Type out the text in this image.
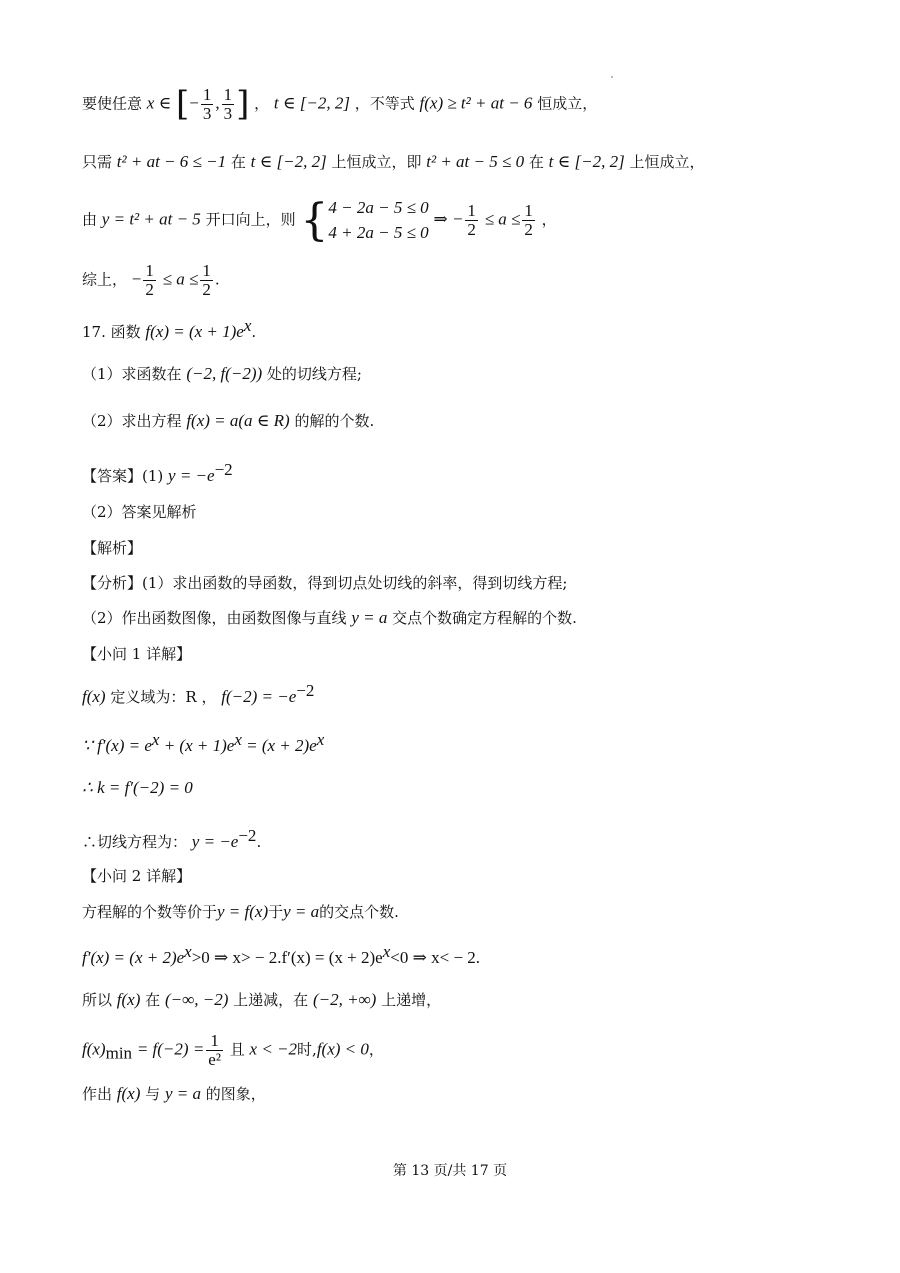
要使任意 x ∈ [− $\frac{1}{3}$ , $\frac{1}{3}$ ] ， t ∈ [−2, 2] ，不等式 f(x) ≥ t² + at − 6 恒成立，
只需 t² + at − 6 ≤ −1 在 t ∈ [−2, 2] 上恒成立，即 t² + at − 5 ≤ 0 在 t ∈ [−2, 2] 上恒成立，
由 y = t² + at − 5 开口向上，则 { 4 − 2a − 5 ≤ 0
4 + 2a − 5 ≤ 0
⇒ − $\frac{1}{2} \le a \le \frac{1}{2}$ ，
综上， − $\frac{1}{2} \le a \le \frac{1}{2}$ .
17. 函数 $f(x) = (x + 1)e^x$.
（1）求函数在 (−2, f(−2)) 处的切线方程;
（2）求出方程 f(x) = a(a ∈ R) 的解的个数.
【答案】(1) $y = -e^{-2}$
（2）答案见解析
【解析】
【分析】(1）求出函数的导函数，得到切点处切线的斜率，得到切线方程;
（2）作出函数图像，由函数图像与直线 y = a 交点个数确定方程解的个数.
【小问 1 详解】
f(x) 定义域为：R ， $f(-2) = -e^{-2}$
∵ $f'(x) = e^x + (x + 1)e^x = (x + 2)e^x$
∴ k = f′(−2) = 0
∴切线方程为： $y = -e^{-2}$.
【小问 2 详解】
方程解的个数等价于y = f(x)于y = a的交点个数.
$f'(x) = (x + 2)e^x>0$ ⇒ $x> - 2.f'(x) = (x + 2)e^x<0$ ⇒ x< − 2.
所以 f(x) 在 (−∞, −2) 上递减，在 (−2, +∞) 上递增，
$f(x)_{min} = f(-2) = \frac{1}{\text{e²}}$ 且 x < −2时,f(x) < 0，
作出 f(x) 与 y = a 的图象，
第 13 页/共 17 页
